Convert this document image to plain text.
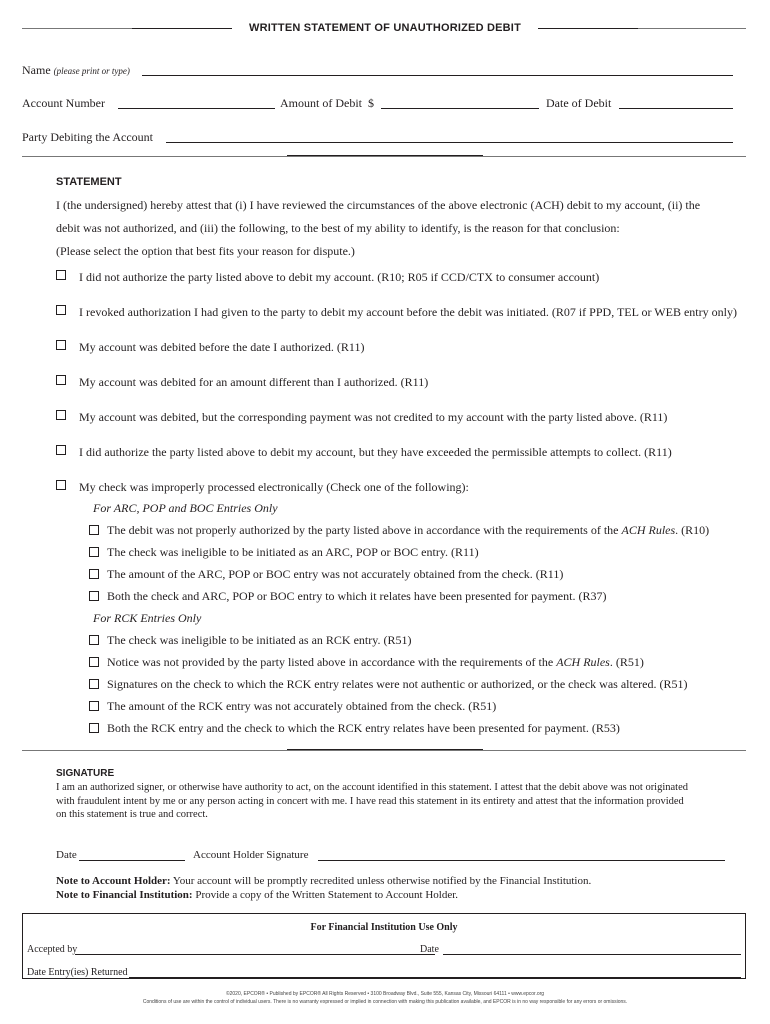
WRITTEN STATEMENT OF UNAUTHORIZED DEBIT
Name (please print or type)
Account Number	Amount of Debit $	Date of Debit
Party Debiting the Account
STATEMENT
I (the undersigned) hereby attest that (i) I have reviewed the circumstances of the above electronic (ACH) debit to my account, (ii) the
debit was not authorized, and (iii) the following, to the best of my ability to identify, is the reason for that conclusion:
(Please select the option that best fits your reason for dispute.)
I did not authorize the party listed above to debit my account. (R10; R05 if CCD/CTX to consumer account)
I revoked authorization I had given to the party to debit my account before the debit was initiated. (R07 if PPD, TEL or WEB entry only)
My account was debited before the date I authorized. (R11)
My account was debited for an amount different than I authorized. (R11)
My account was debited, but the corresponding payment was not credited to my account with the party listed above. (R11)
I did authorize the party listed above to debit my account, but they have exceeded the permissible attempts to collect. (R11)
My check was improperly processed electronically (Check one of the following):
For ARC, POP and BOC Entries Only
The debit was not properly authorized by the party listed above in accordance with the requirements of the ACH Rules. (R10)
The check was ineligible to be initiated as an ARC, POP or BOC entry. (R11)
The amount of the ARC, POP or BOC entry was not accurately obtained from the check. (R11)
Both the check and ARC, POP or BOC entry to which it relates have been presented for payment. (R37)
For RCK Entries Only
The check was ineligible to be initiated as an RCK entry. (R51)
Notice was not provided by the party listed above in accordance with the requirements of the ACH Rules. (R51)
Signatures on the check to which the RCK entry relates were not authentic or authorized, or the check was altered. (R51)
The amount of the RCK entry was not accurately obtained from the check. (R51)
Both the RCK entry and the check to which the RCK entry relates have been presented for payment. (R53)
SIGNATURE
I am an authorized signer, or otherwise have authority to act, on the account identified in this statement. I attest that the debit above was not originated with fraudulent intent by me or any person acting in concert with me. I have read this statement in its entirety and attest that the information provided on this statement is true and correct.
Date	Account Holder Signature
Note to Account Holder: Your account will be promptly recredited unless otherwise notified by the Financial Institution.
Note to Financial Institution: Provide a copy of the Written Statement to Account Holder.
For Financial Institution Use Only
Accepted by	Date
Date Entry(ies) Returned
©2020, EPCOR® • Published by EPCOR® All Rights Reserved • 3100 Broadway Blvd., Suite 555, Kansas City, Missouri 64111 • www.epcor.org
Conditions of use are within the control of individual users. There is no warranty expressed or implied in connection with making this publication available, and EPCOR is in no way responsible for any errors or omissions.
